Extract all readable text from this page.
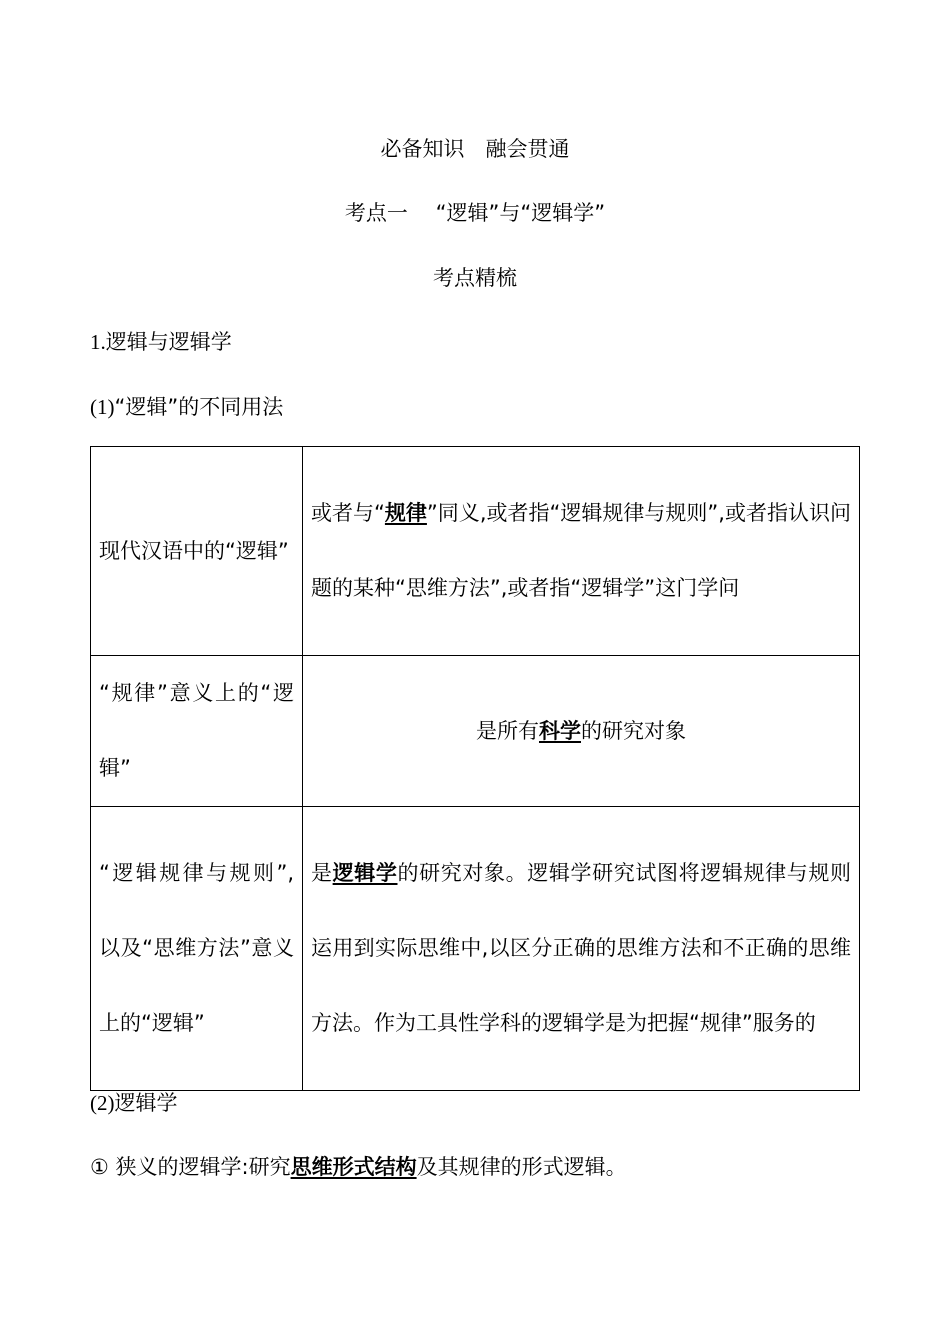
必备知识　融会贯通
考点一　 “逻辑”与“逻辑学”
考点精梳
1.逻辑与逻辑学
(1)“逻辑”的不同用法
现代汉语中的“逻辑”	或者与“规律”同义,或者指“逻辑规律与规则”,或者指认识问题的某种“思维方法”,或者指“逻辑学”这门学问
“规律”意义上的“逻辑”	是所有科学的研究对象
“逻辑规律与规则”,以及“思维方法”意义上的“逻辑”	是逻辑学的研究对象。逻辑学研究试图将逻辑规律与规则运用到实际思维中,以区分正确的思维方法和不正确的思维方法。作为工具性学科的逻辑学是为把握“规律”服务的
(2)逻辑学
① 狭义的逻辑学:研究思维形式结构及其规律的形式逻辑。
